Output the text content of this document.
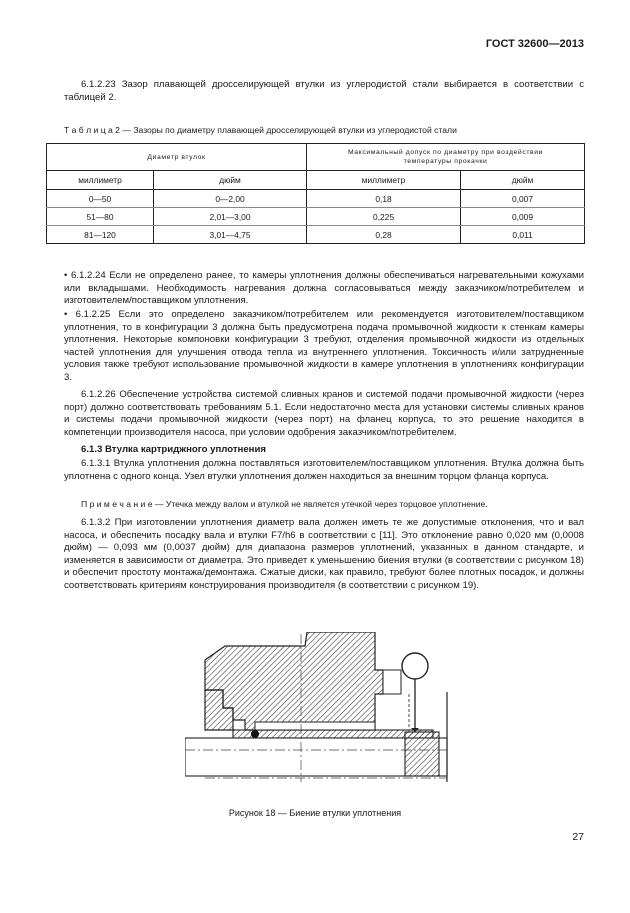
ГОСТ 32600—2013

6.1.2.23 Зазор плавающей дросселирующей втулки из углеродистой стали выбирается в соответствии с таблицей 2.

Т а б л и ц а 2 — Зазоры по диаметру плавающей дросселирующей втулки из углеродистой стали
Диаметр втулок		Максимальный допуск по диаметру при воздействии температуры прокачки	
миллиметр	дюйм	миллиметр	дюйм
0—50	0—2,00	0,18	0,007
51—80	2,01—3,00	0,225	0,009
81—120	3,01—4,75	0,28	0,011

• 6.1.2.24 Если не определено ранее, то камеры уплотнения должны обеспечиваться нагревательными кожухами или вкладышами. Необходимость нагревания должна согласовываться между заказчиком/потребителем и изготовителем/поставщиком уплотнения.

• 6.1.2.25 Если это определено заказчиком/потребителем или рекомендуется изготовителем/поставщиком уплотнения, то в конфигурации 3 должна быть предусмотрена подача промывочной жидкости к стенкам камеры уплотнения. Некоторые компоновки конфигурации 3 требуют, отделения промывочной жидкости из отдельных частей уплотнения для улучшения отвода тепла из внутреннего уплотнения. Токсичность и/или затрудненные условия также требуют использование промывочной жидкости в камере уплотнения в уплотнениях конфигурации 3.

6.1.2.26 Обеспечение устройства системой сливных кранов и системой подачи промывочной жидкости (через порт) должно соответствовать требованиям 5.1. Если недостаточно места для установки системы сливных кранов и системы подачи промывочной жидкости (через порт) на фланец корпуса, то это решение находится в компетенции производителя насоса, при условии одобрения заказчиком/потребителем.

6.1.3 Втулка картриджного уплотнения

6.1.3.1 Втулка уплотнения должна поставляться изготовителем/поставщиком уплотнения. Втулка должна быть уплотнена с одного конца. Узел втулки уплотнения должен находиться за внешним торцом фланца корпуса.

П р и м е ч а н и е — Утечка между валом и втулкой не является утечкой через торцовое уплотнение.

6.1.3.2 При изготовлении уплотнения диаметр вала должен иметь те же допустимые отклонения, что и вал насоса, и обеспечить посадку вала и втулки F7/h6 в соответствии с [11]. Это отклонение равно 0,020 мм (0,0008 дюйм) — 0,093 мм (0,0037 дюйм) для диапазона размеров уплотнений, указанных в данном стандарте, и изменяется в зависимости от диаметра. Это приведет к уменьшению биения втулки (в соответствии с рисунком 18) и обеспечит простоту монтажа/демонтажа. Сжатые диски, как правило, требуют более плотных посадок, и должны соответствовать критериям конструирования производителя (в соответствии с рисунком 19).

Рисунок 18 — Биение втулки уплотнения
27
